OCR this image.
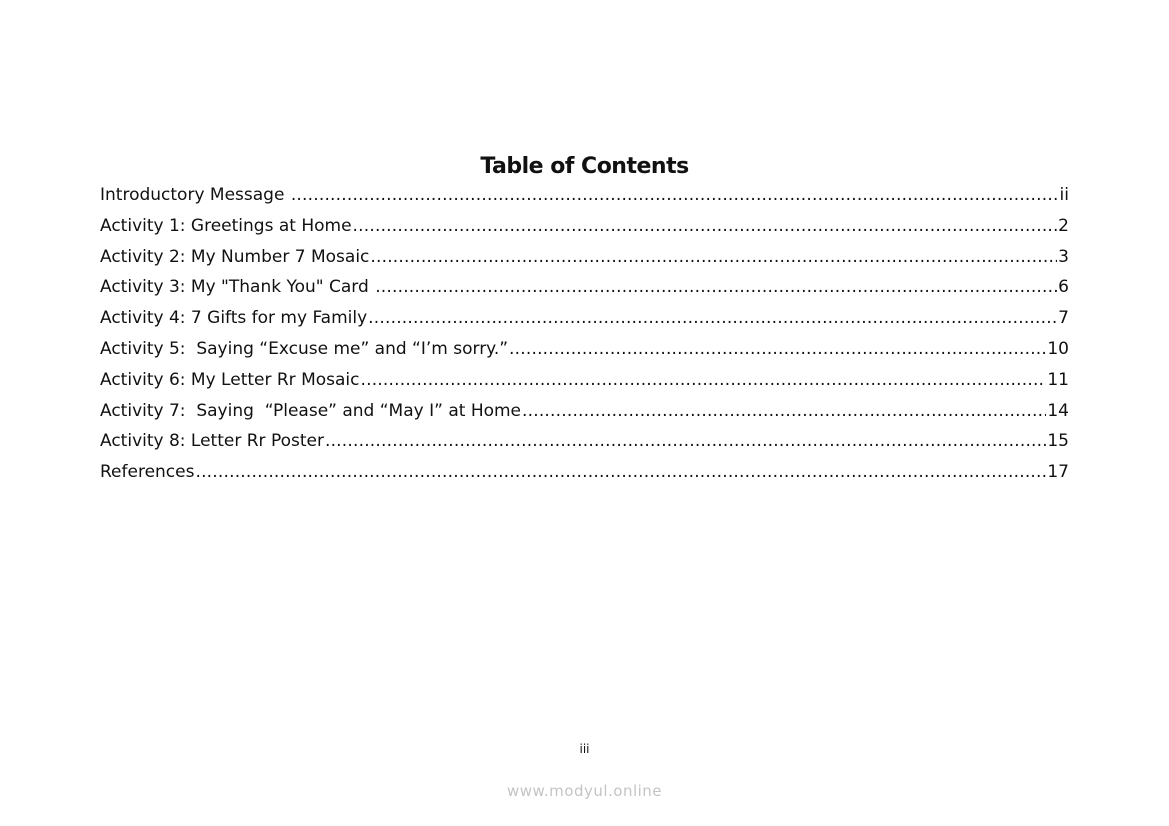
Table of Contents
Introductory Message .....	ii
Activity 1: Greetings at Home .....	2
Activity 2: My Number 7 Mosaic .....	3
Activity 3: My "Thank You" Card .....	6
Activity 4: 7 Gifts for my Family .....	7
Activity 5:  Saying “Excuse me” and “I’m sorry.” .....	10
Activity 6: My Letter Rr Mosaic .....	11
Activity 7:  Saying  “Please” and “May I” at Home .....	14
Activity 8: Letter Rr Poster .....	15
References .....	17
iii
www.modyul.online
